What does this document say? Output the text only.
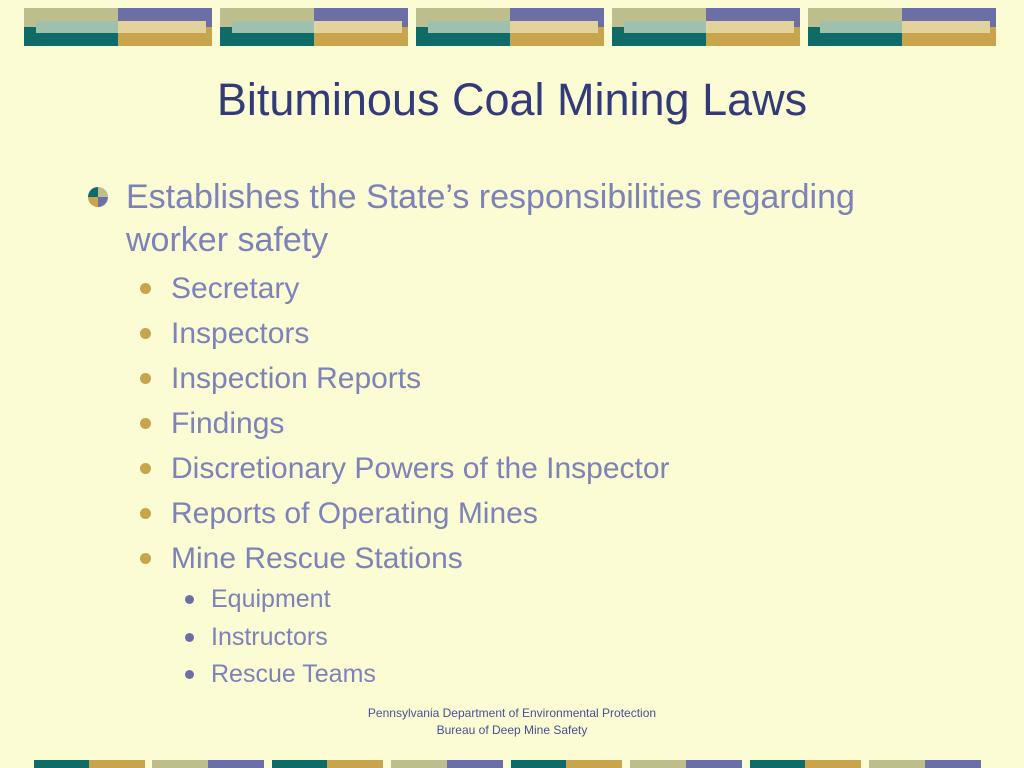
Bituminous Coal Mining Laws
Establishes the State’s responsibilities regarding worker safety
Secretary
Inspectors
Inspection Reports
Findings
Discretionary Powers of the Inspector
Reports of Operating Mines
Mine Rescue Stations
Equipment
Instructors
Rescue Teams
Pennsylvania Department of Environmental Protection
Bureau of Deep Mine Safety
